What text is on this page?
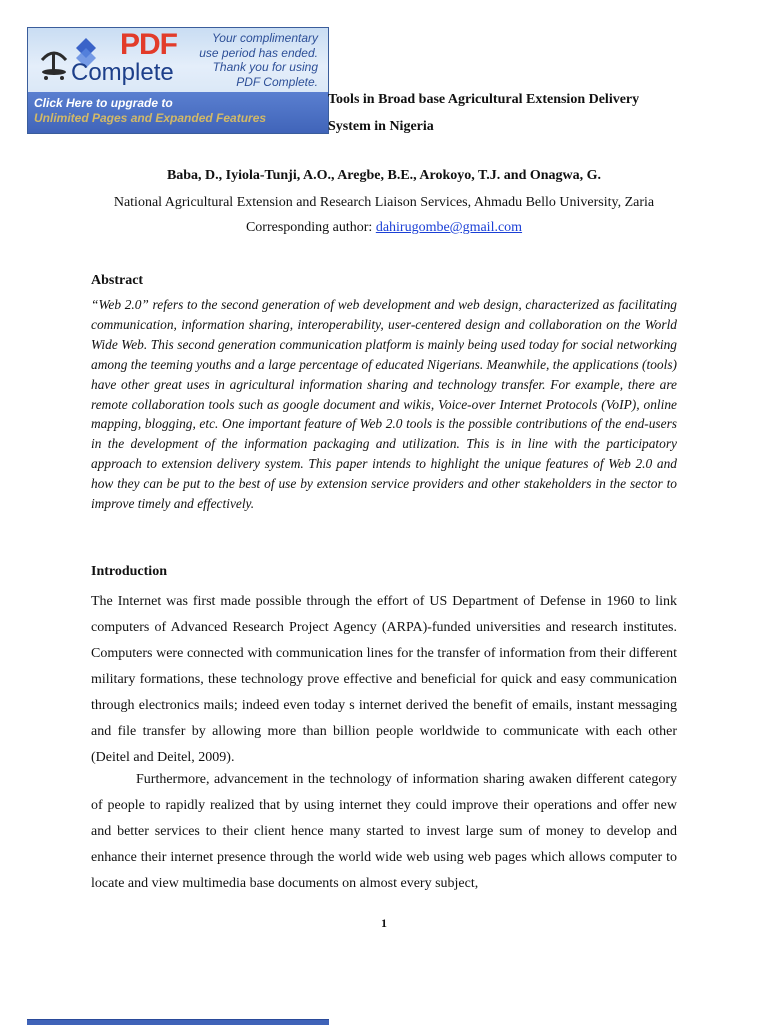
PDF
Complete
Your complimentary
use period has ended.
Thank you for using
PDF Complete.
Click Here to upgrade to
Unlimited Pages and Expanded Features
Tools in Broad base Agricultural Extension Delivery
System in Nigeria
Baba, D., Iyiola-Tunji, A.O., Aregbe, B.E., Arokoyo, T.J. and Onagwa, G.
National Agricultural Extension and Research Liaison Services, Ahmadu Bello University, Zaria
Corresponding author: dahirugombe@gmail.com
Abstract

“Web 2.0” refers to the second generation of web development and web design, characterized as facilitating communication, information sharing, interoperability, user-centered design and collaboration on the World Wide Web. This second generation communication platform is mainly being used today for social networking among the teeming youths and a large percentage of educated Nigerians. Meanwhile, the applications (tools) have other great uses in agricultural information sharing and technology transfer. For example, there are remote collaboration tools such as google document and wikis, Voice-over Internet Protocols (VoIP), online mapping, blogging, etc. One important feature of Web 2.0 tools is the possible contributions of the end-users in the development of the information packaging and utilization. This is in line with the participatory approach to extension delivery system. This paper intends to highlight the unique features of Web 2.0 and how they can be put to the best of use by extension service providers and other stakeholders in the sector to improve timely and effectively.

Introduction

The Internet was first made possible through the effort of US Department of Defense in 1960 to link computers of Advanced Research Project Agency (ARPA)-funded universities and research institutes. Computers were connected with communication lines for the transfer of information from their different military formations, these technology prove effective and beneficial for quick and easy communication through electronics mails; indeed even today s internet derived the benefit of emails, instant messaging and file transfer by allowing more than billion people worldwide to communicate with each other (Deitel and Deitel, 2009).

Furthermore, advancement in the technology of information sharing awaken different category of people to rapidly realized that by using internet they could improve their operations and offer new and better services to their client hence many started to invest large sum of money to develop and enhance their internet presence through the world wide web using web pages which allows computer to locate and view multimedia base documents on almost every subject,

1
